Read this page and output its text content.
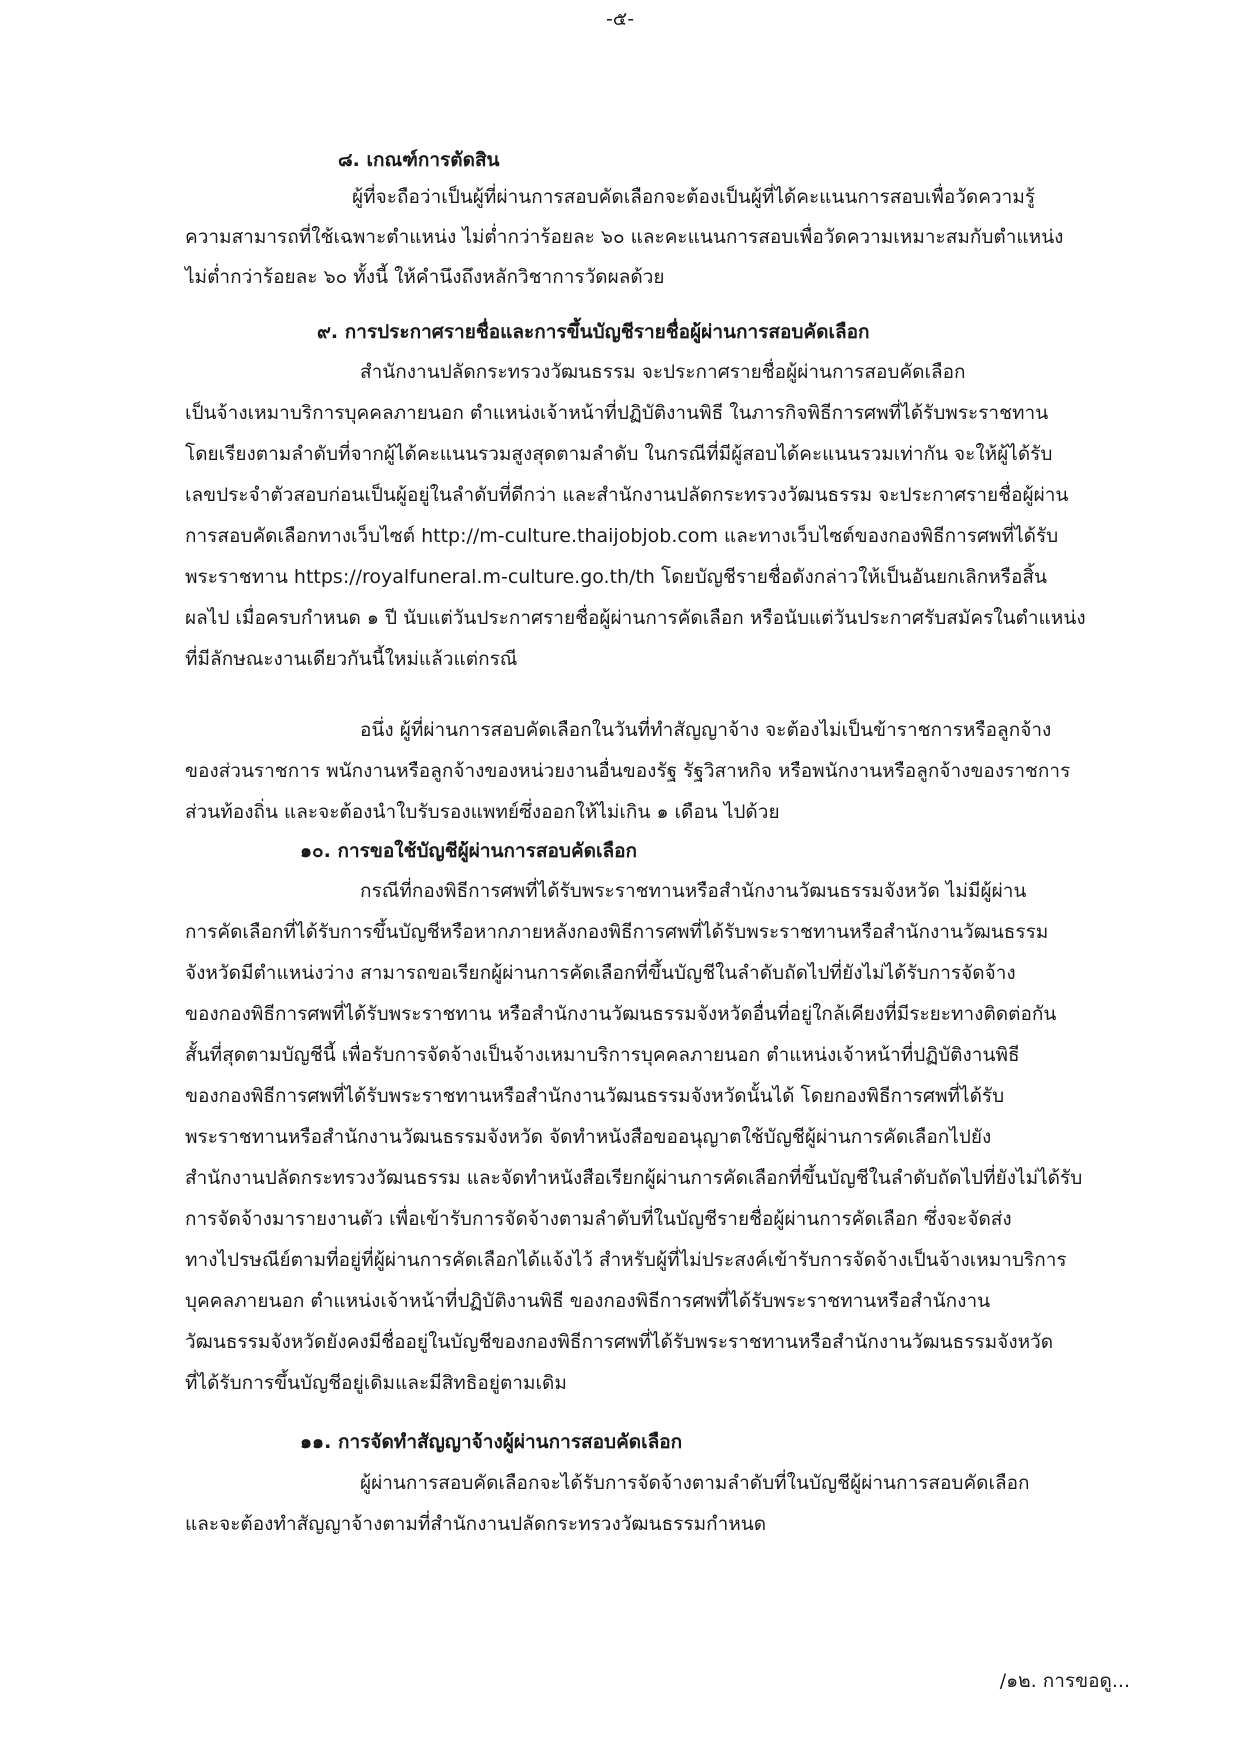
-๕-
๘. เกณฑ์การตัดสิน
ผู้ที่จะถือว่าเป็นผู้ที่ผ่านการสอบคัดเลือกจะต้องเป็นผู้ที่ได้คะแนนการสอบเพื่อวัดความรู้
ความสามารถที่ใช้เฉพาะตำแหน่ง ไม่ต่ำกว่าร้อยละ ๖๐ และคะแนนการสอบเพื่อวัดความเหมาะสมกับตำแหน่ง
ไม่ต่ำกว่าร้อยละ ๖๐ ทั้งนี้ ให้คำนึงถึงหลักวิชาการวัดผลด้วย
๙. การประกาศรายชื่อและการขึ้นบัญชีรายชื่อผู้ผ่านการสอบคัดเลือก
สำนักงานปลัดกระทรวงวัฒนธรรม จะประกาศรายชื่อผู้ผ่านการสอบคัดเลือก
เป็นจ้างเหมาบริการบุคคลภายนอก ตำแหน่งเจ้าหน้าที่ปฏิบัติงานพิธี ในภารกิจพิธีการศพที่ได้รับพระราชทาน
โดยเรียงตามลำดับที่จากผู้ได้คะแนนรวมสูงสุดตามลำดับ ในกรณีที่มีผู้สอบได้คะแนนรวมเท่ากัน จะให้ผู้ได้รับ
เลขประจำตัวสอบก่อนเป็นผู้อยู่ในลำดับที่ดีกว่า และสำนักงานปลัดกระทรวงวัฒนธรรม จะประกาศรายชื่อผู้ผ่าน
การสอบคัดเลือกทางเว็บไซต์ http://m-culture.thaijobjob.com และทางเว็บไซต์ของกองพิธีการศพที่ได้รับ
พระราชทาน https://royalfuneral.m-culture.go.th/th โดยบัญชีรายชื่อดังกล่าวให้เป็นอันยกเลิกหรือสิ้น
ผลไป เมื่อครบกำหนด ๑ ปี นับแต่วันประกาศรายชื่อผู้ผ่านการคัดเลือก หรือนับแต่วันประกาศรับสมัครในตำแหน่ง
ที่มีลักษณะงานเดียวกันนี้ใหม่แล้วแต่กรณี
อนึ่ง ผู้ที่ผ่านการสอบคัดเลือกในวันที่ทำสัญญาจ้าง จะต้องไม่เป็นข้าราชการหรือลูกจ้าง
ของส่วนราชการ พนักงานหรือลูกจ้างของหน่วยงานอื่นของรัฐ รัฐวิสาหกิจ หรือพนักงานหรือลูกจ้างของราชการ
ส่วนท้องถิ่น และจะต้องนำใบรับรองแพทย์ซึ่งออกให้ไม่เกิน ๑ เดือน ไปด้วย
๑๐. การขอใช้บัญชีผู้ผ่านการสอบคัดเลือก
กรณีที่กองพิธีการศพที่ได้รับพระราชทานหรือสำนักงานวัฒนธรรมจังหวัด ไม่มีผู้ผ่าน
การคัดเลือกที่ได้รับการขึ้นบัญชีหรือหากภายหลังกองพิธีการศพที่ได้รับพระราชทานหรือสำนักงานวัฒนธรรม
จังหวัดมีตำแหน่งว่าง สามารถขอเรียกผู้ผ่านการคัดเลือกที่ขึ้นบัญชีในลำดับถัดไปที่ยังไม่ได้รับการจัดจ้าง
ของกองพิธีการศพที่ได้รับพระราชทาน หรือสำนักงานวัฒนธรรมจังหวัดอื่นที่อยู่ใกล้เคียงที่มีระยะทางติดต่อกัน
สั้นที่สุดตามบัญชีนี้ เพื่อรับการจัดจ้างเป็นจ้างเหมาบริการบุคคลภายนอก ตำแหน่งเจ้าหน้าที่ปฏิบัติงานพิธี
ของกองพิธีการศพที่ได้รับพระราชทานหรือสำนักงานวัฒนธรรมจังหวัดนั้นได้ โดยกองพิธีการศพที่ได้รับ
พระราชทานหรือสำนักงานวัฒนธรรมจังหวัด จัดทำหนังสือขออนุญาตใช้บัญชีผู้ผ่านการคัดเลือกไปยัง
สำนักงานปลัดกระทรวงวัฒนธรรม และจัดทำหนังสือเรียกผู้ผ่านการคัดเลือกที่ขึ้นบัญชีในลำดับถัดไปที่ยังไม่ได้รับ
การจัดจ้างมารายงานตัว เพื่อเข้ารับการจัดจ้างตามลำดับที่ในบัญชีรายชื่อผู้ผ่านการคัดเลือก ซึ่งจะจัดส่ง
ทางไปรษณีย์ตามที่อยู่ที่ผู้ผ่านการคัดเลือกได้แจ้งไว้ สำหรับผู้ที่ไม่ประสงค์เข้ารับการจัดจ้างเป็นจ้างเหมาบริการ
บุคคลภายนอก ตำแหน่งเจ้าหน้าที่ปฏิบัติงานพิธี ของกองพิธีการศพที่ได้รับพระราชทานหรือสำนักงาน
วัฒนธรรมจังหวัดยังคงมีชื่ออยู่ในบัญชีของกองพิธีการศพที่ได้รับพระราชทานหรือสำนักงานวัฒนธรรมจังหวัด
ที่ได้รับการขึ้นบัญชีอยู่เดิมและมีสิทธิอยู่ตามเดิม
๑๑. การจัดทำสัญญาจ้างผู้ผ่านการสอบคัดเลือก
ผู้ผ่านการสอบคัดเลือกจะได้รับการจัดจ้างตามลำดับที่ในบัญชีผู้ผ่านการสอบคัดเลือก
และจะต้องทำสัญญาจ้างตามที่สำนักงานปลัดกระทรวงวัฒนธรรมกำหนด
/๑๒. การขอดู...
